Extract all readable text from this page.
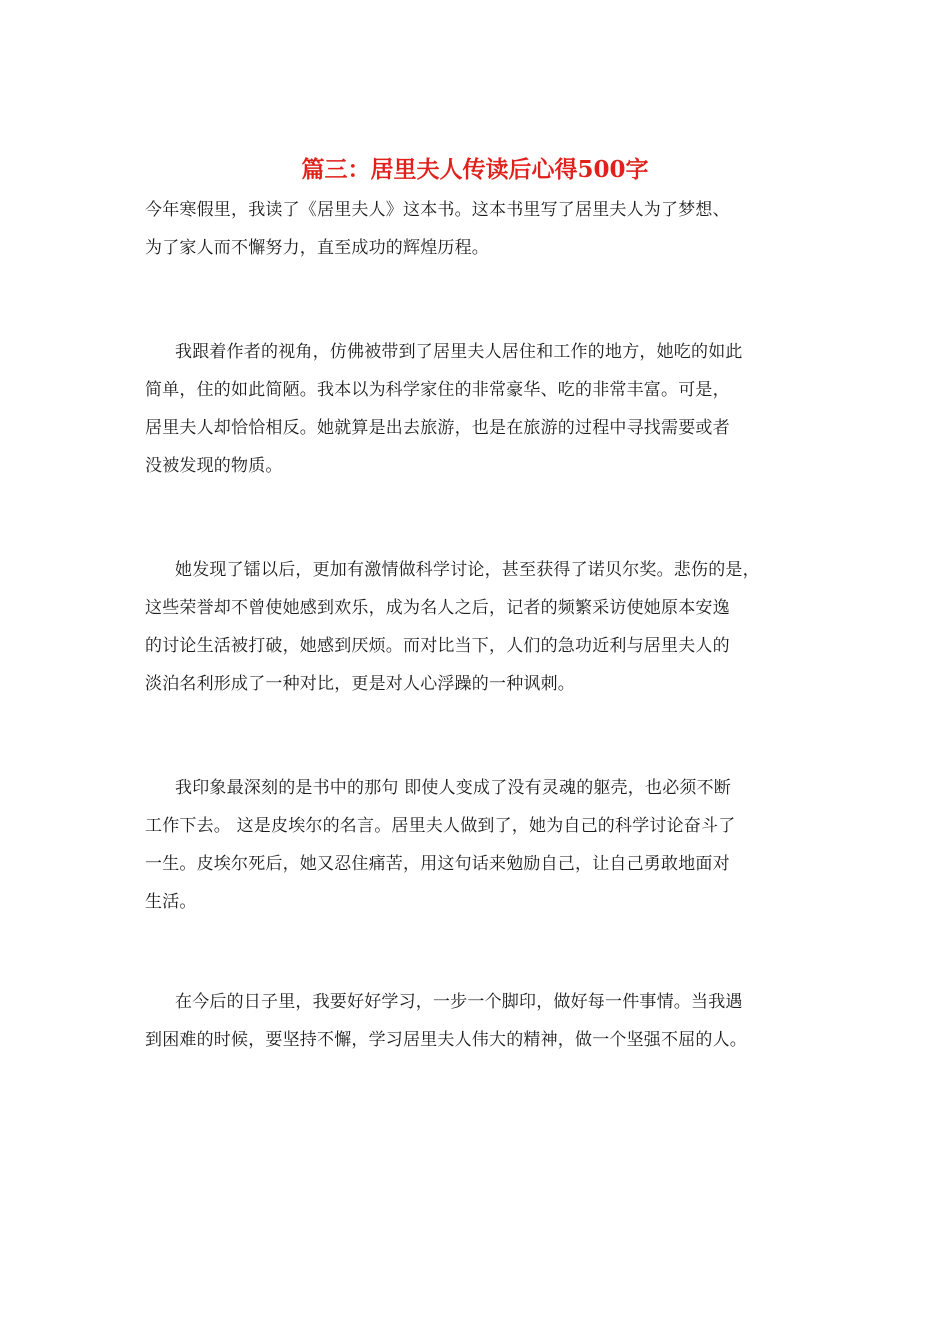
篇三：居里夫人传读后心得500字
今年寒假里，我读了《居里夫人》这本书。这本书里写了居里夫人为了梦想、
为了家人而不懈努力，直至成功的辉煌历程。
我跟着作者的视角，仿佛被带到了居里夫人居住和工作的地方，她吃的如此
简单，住的如此简陋。我本以为科学家住的非常豪华、吃的非常丰富。可是，
居里夫人却恰恰相反。她就算是出去旅游，也是在旅游的过程中寻找需要或者
没被发现的物质。
她发现了镭以后，更加有激情做科学讨论，甚至获得了诺贝尔奖。悲伤的是，
这些荣誉却不曾使她感到欢乐，成为名人之后，记者的频繁采访使她原本安逸
的讨论生活被打破，她感到厌烦。而对比当下，人们的急功近利与居里夫人的
淡泊名利形成了一种对比，更是对人心浮躁的一种讽刺。
我印象最深刻的是书中的那句 即使人变成了没有灵魂的躯壳，也必须不断
工作下去。 这是皮埃尔的名言。居里夫人做到了，她为自己的科学讨论奋斗了
一生。皮埃尔死后，她又忍住痛苦，用这句话来勉励自己，让自己勇敢地面对
生活。
在今后的日子里，我要好好学习，一步一个脚印，做好每一件事情。当我遇
到困难的时候，要坚持不懈，学习居里夫人伟大的精神，做一个坚强不屈的人。
